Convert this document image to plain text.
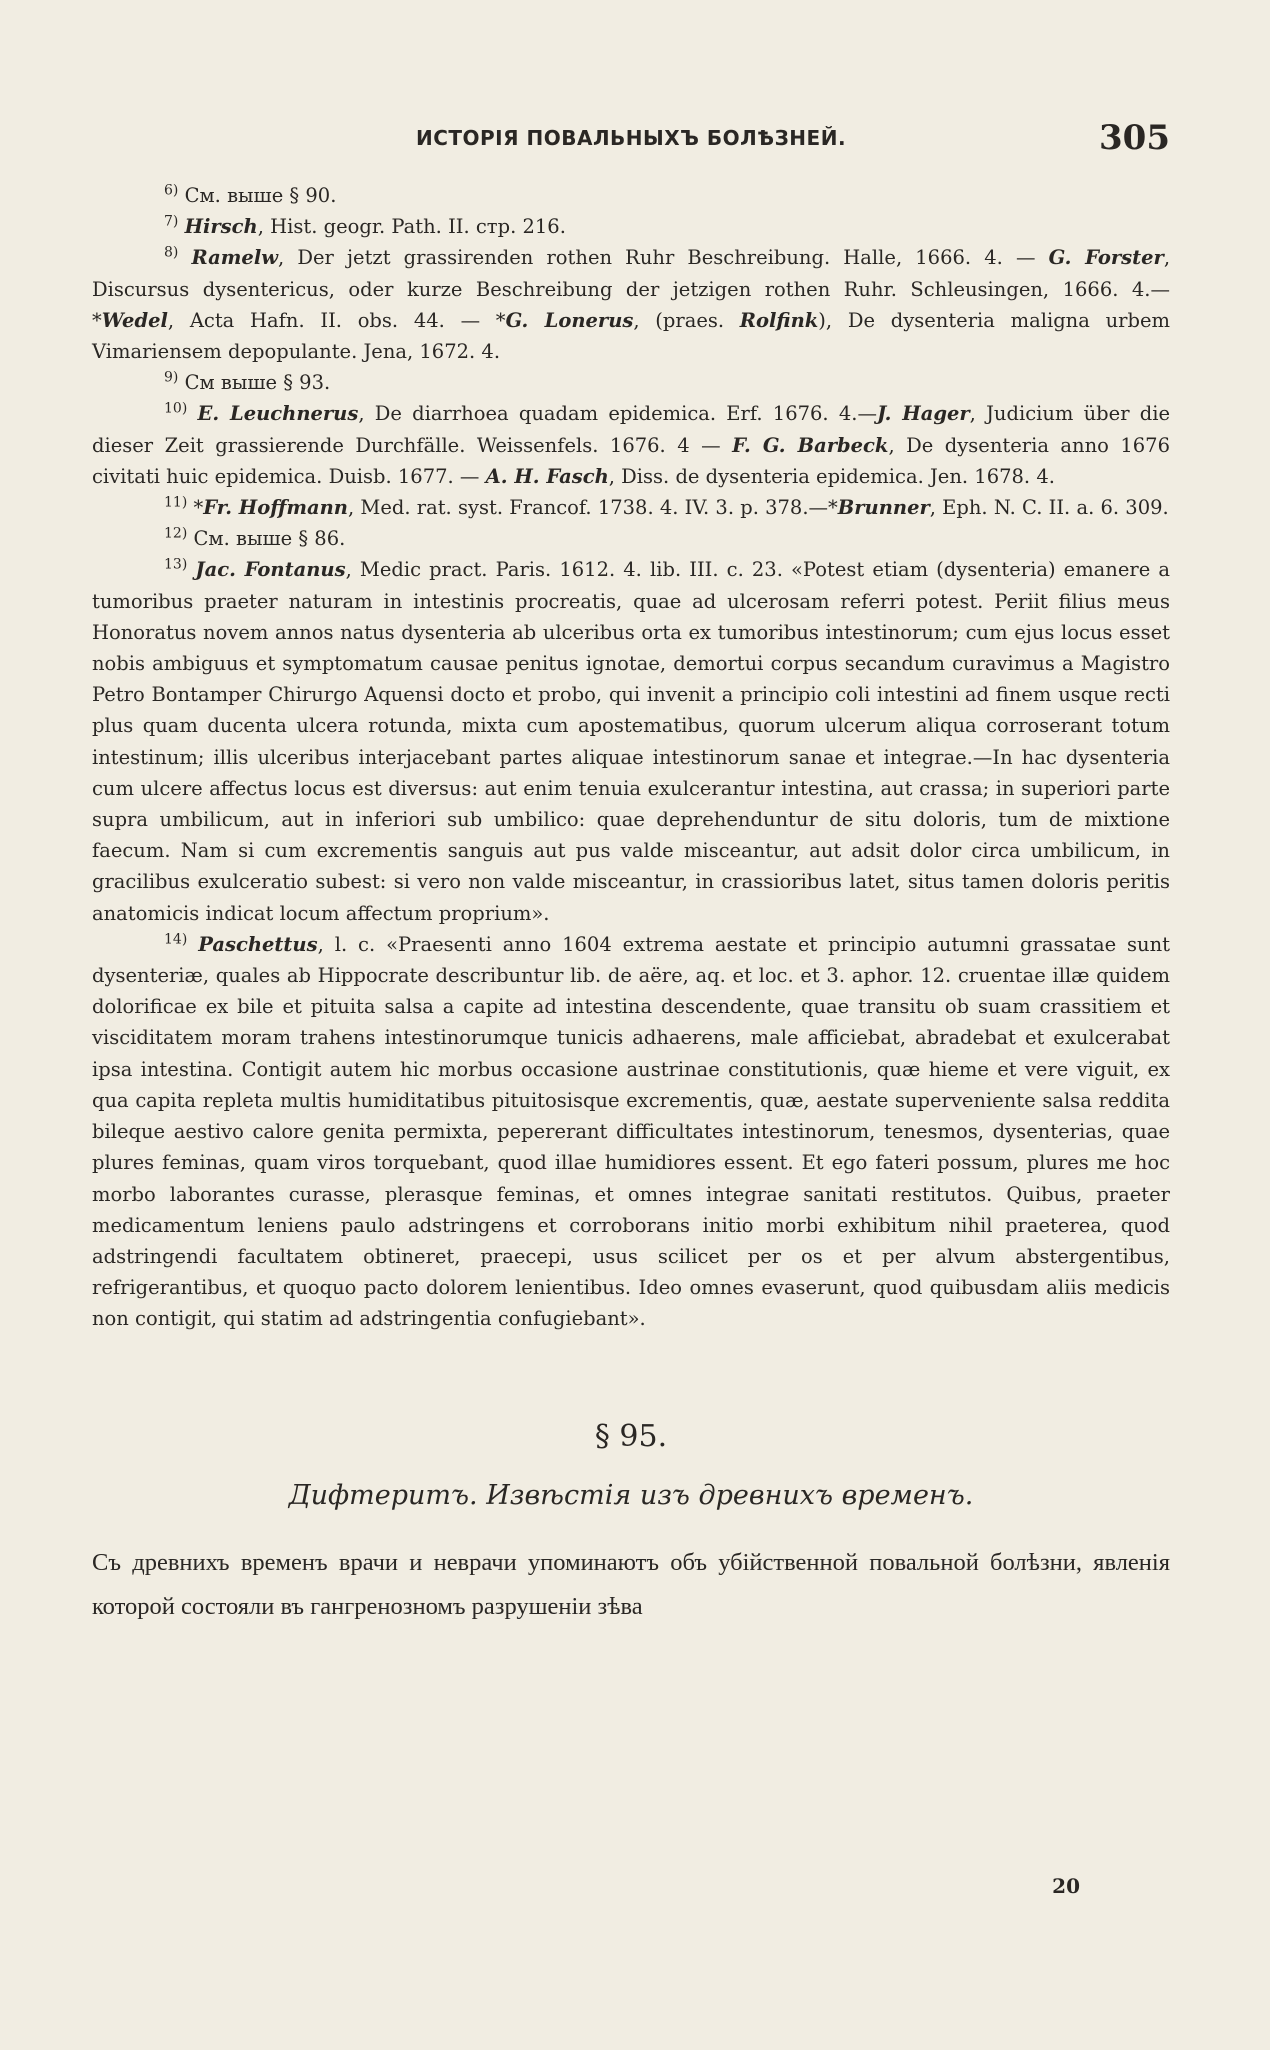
ИСТОРІЯ ПОВАЛЬНЫХЪ БОЛѢЗНЕЙ.	305

$^{6)}$ См. выше § 90.

$^{7)}$ Hirsch, Hist. geogr. Path. II. стр. 216.

$^{8)}$ Ramelw, Der jetzt grassirenden rothen Ruhr Beschreibung. Halle, 1666. 4. — G. Forster, Discursus dysentericus, oder kurze Beschreibung der jetzigen rothen Ruhr. Schleusingen, 1666. 4.—*Wedel, Acta Hafn. II. obs. 44. — *G. Lonerus, (praes. Rolfink), De dysenteria maligna urbem Vimariensem depopulante. Jena, 1672. 4.

$^{9)}$ См выше § 93.

$^{10)}$ E. Leuchnerus, De diarrhoea quadam epidemica. Erf. 1676. 4.—J. Hager, Judicium über die dieser Zeit grassierende Durchfälle. Weissenfels. 1676. 4 — F. G. Barbeck, De dysenteria anno 1676 civitati huic epidemica. Duisb. 1677. — A. H. Fasch, Diss. de dysenteria epidemica. Jen. 1678. 4.

$^{11)}$ *Fr. Hoffmann, Med. rat. syst. Francof. 1738. 4. IV. 3. p. 378.—*Brunner, Eph. N. C. II. a. 6. 309.

$^{12)}$ См. выше § 86.

$^{13)}$ Jac. Fontanus, Medic pract. Paris. 1612. 4. lib. III. c. 23. «Potest etiam (dysenteria) emanere a tumoribus praeter naturam in intestinis procreatis, quae ad ulcerosam referri potest. Periit filius meus Honoratus novem annos natus dysenteria ab ulceribus orta ex tumoribus intestinorum; cum ejus locus esset nobis ambiguus et symptomatum causae penitus ignotae, demortui corpus secandum curavimus a Magistro Petro Bontamper Chirurgo Aquensi docto et probo, qui invenit a principio coli intestini ad finem usque recti plus quam ducenta ulcera rotunda, mixta cum apostematibus, quorum ulcerum aliqua corroserant totum intestinum; illis ulceribus interjacebant partes aliquae intestinorum sanae et integrae.—In hac dysenteria cum ulcere affectus locus est diversus: aut enim tenuia exulcerantur intestina, aut crassa; in superiori parte supra umbilicum, aut in inferiori sub umbilico: quae deprehenduntur de situ doloris, tum de mixtione faecum. Nam si cum excrementis sanguis aut pus valde misceantur, aut adsit dolor circa umbilicum, in gracilibus exulceratio subest: si vero non valde misceantur, in crassioribus latet, situs tamen doloris peritis anatomicis indicat locum affectum proprium».

$^{14)}$ Paschettus, l. c. «Praesenti anno 1604 extrema aestate et principio autumni grassatae sunt dysenteriæ, quales ab Hippocrate describuntur lib. de aëre, aq. et loc. et 3. aphor. 12. cruentae illæ quidem dolorificae ex bile et pituita salsa a capite ad intestina descendente, quae transitu ob suam crassitiem et visciditatem moram trahens intestinorumque tunicis adhaerens, male afficiebat, abradebat et exulcerabat ipsa intestina. Contigit autem hic morbus occasione austrinae constitutionis, quæ hieme et vere viguit, ex qua capita repleta multis humiditatibus pituitosisque excrementis, quæ, aestate superveniente salsa reddita bileque aestivo calore genita permixta, pepererant difficultates intestinorum, tenesmos, dysenterias, quae plures feminas, quam viros torquebant, quod illae humidiores essent. Et ego fateri possum, plures me hoc morbo laborantes curasse, plerasque feminas, et omnes integrae sanitati restitutos. Quibus, praeter medicamentum leniens paulo adstringens et corroborans initio morbi exhibitum nihil praeterea, quod adstringendi facultatem obtineret, praecepi, usus scilicet per os et per alvum abstergentibus, refrigerantibus, et quoquo pacto dolorem lenientibus. Ideo omnes evaserunt, quod quibusdam aliis medicis non contigit, qui statim ad adstringentia confugiebant».

§ 95.
Дифтеритъ. Извѣстія изъ древнихъ временъ.

Съ древнихъ временъ врачи и неврачи упоминаютъ объ убійственной повальной болѣзни, явленія которой состояли въ гангренозномъ разрушеніи зѣва

20
